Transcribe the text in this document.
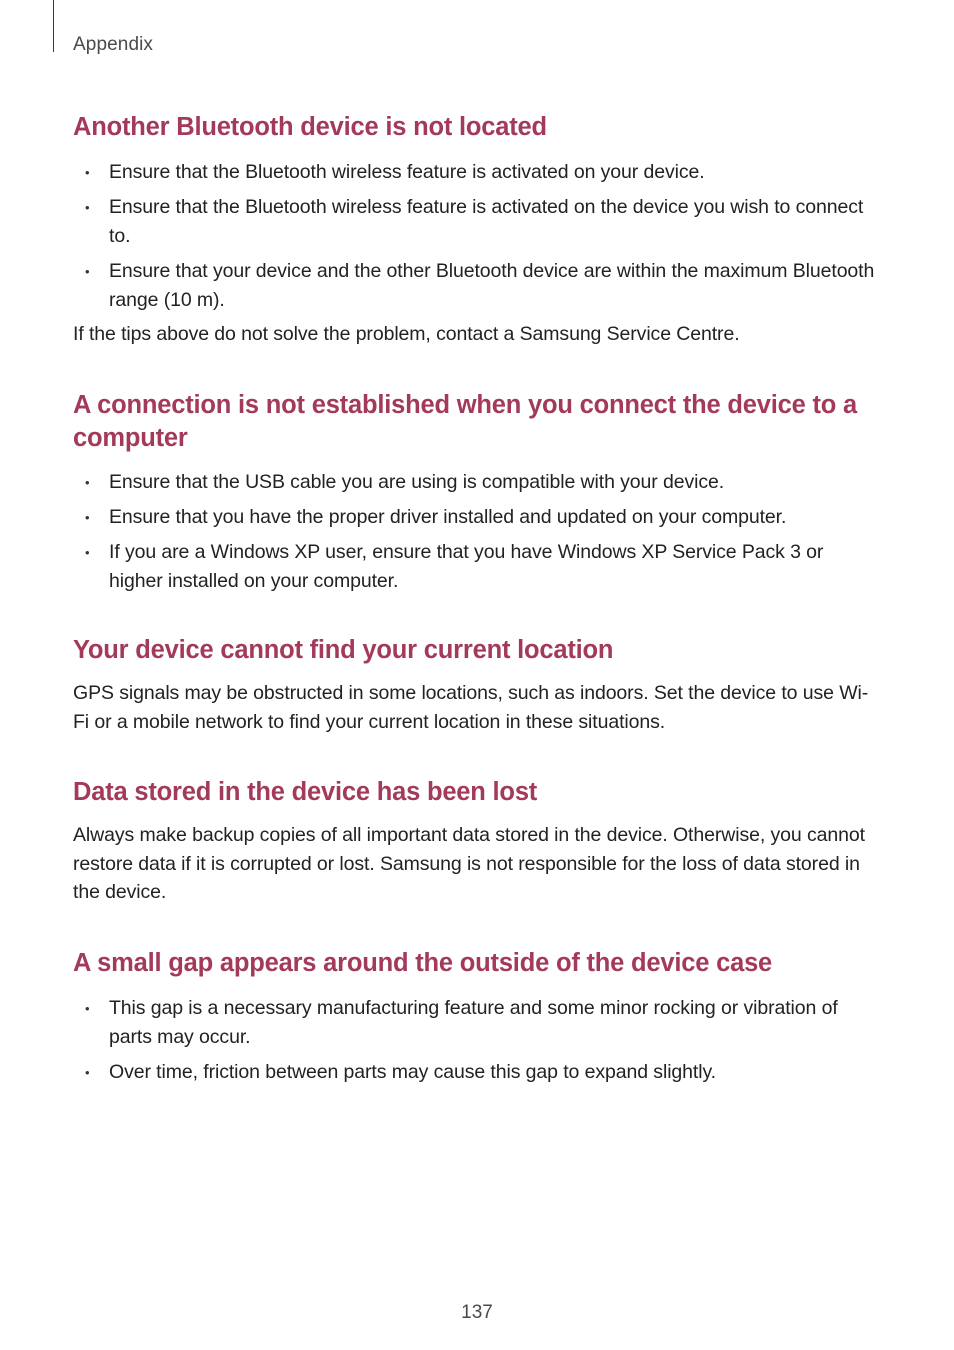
Appendix
Another Bluetooth device is not located
• Ensure that the Bluetooth wireless feature is activated on your device.
• Ensure that the Bluetooth wireless feature is activated on the device you wish to connect to.
• Ensure that your device and the other Bluetooth device are within the maximum Bluetooth range (10 m).

If the tips above do not solve the problem, contact a Samsung Service Centre.

A connection is not established when you connect the device to a computer
• Ensure that the USB cable you are using is compatible with your device.
• Ensure that you have the proper driver installed and updated on your computer.
• If you are a Windows XP user, ensure that you have Windows XP Service Pack 3 or higher installed on your computer.
Your device cannot find your current location

GPS signals may be obstructed in some locations, such as indoors. Set the device to use Wi-Fi or a mobile network to find your current location in these situations.

Data stored in the device has been lost

Always make backup copies of all important data stored in the device. Otherwise, you cannot restore data if it is corrupted or lost. Samsung is not responsible for the loss of data stored in the device.

A small gap appears around the outside of the device case
• This gap is a necessary manufacturing feature and some minor rocking or vibration of parts may occur.
• Over time, friction between parts may cause this gap to expand slightly.
137
